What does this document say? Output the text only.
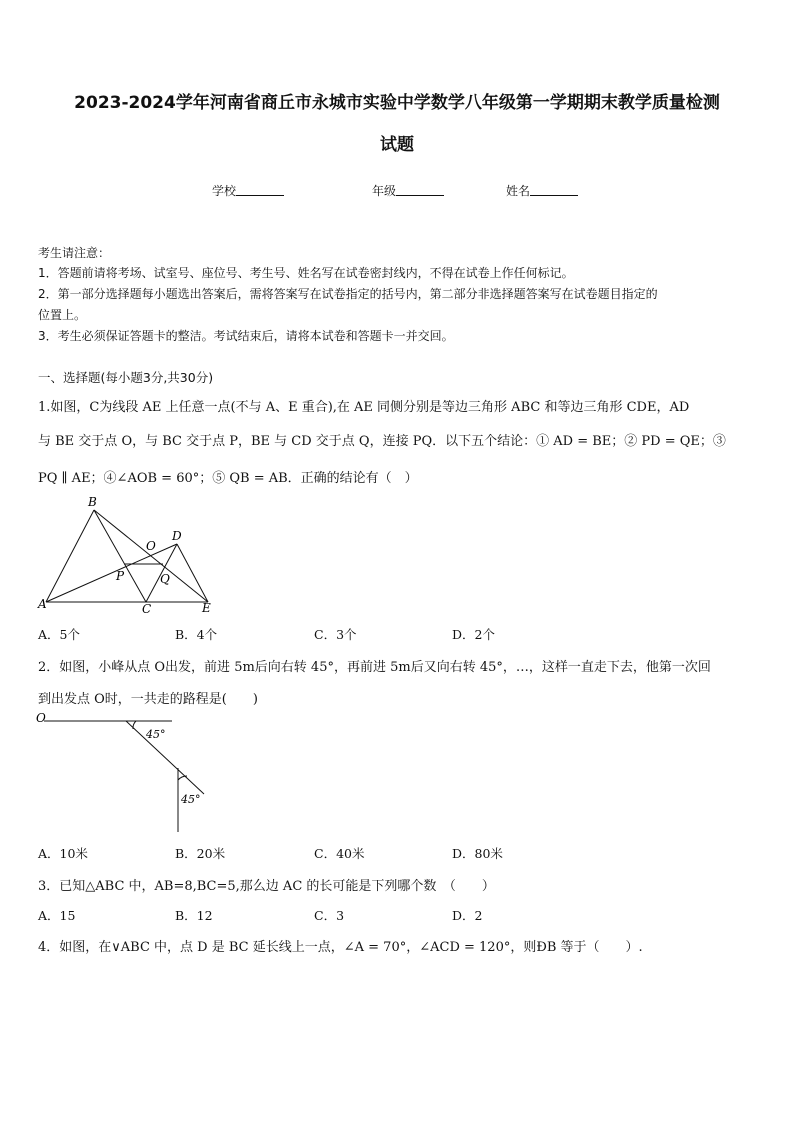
2023-2024学年河南省商丘市永城市实验中学数学八年级第一学期期末教学质量检测
试题
学校	年级	姓名
考生请注意：
1．答题前请将考场、试室号、座位号、考生号、姓名写在试卷密封线内，不得在试卷上作任何标记。
2．第一部分选择题每小题选出答案后，需将答案写在试卷指定的括号内，第二部分非选择题答案写在试卷题目指定的
位置上。
3．考生必须保证答题卡的整洁。考试结束后，请将本试卷和答题卡一并交回。
一、选择题(每小题3分,共30分)
1.如图，C为线段 AE 上任意一点(不与 A、E 重合),在 AE 同侧分别是等边三角形 ABC 和等边三角形 CDE，AD
与 BE 交于点 O，与 BC 交于点 P，BE 与 CD 交于点 Q，连接 PQ．以下五个结论：① AD = BE；② PD = QE；③
PQ ∥ AE；④∠AOB = 60°；⑤ QB = AB．正确的结论有（　）
B
D
O
P	Q
A	C	E
A．5个	B．4个	C．3个	D．2个
2．如图，小峰从点 O出发，前进 5m后向右转 45°，再前进 5m后又向右转 45°，…，这样一直走下去，他第一次回
到出发点 O时，一共走的路程是(　　)
O
45°
45°
A．10米	B．20米	C．40米	D．80米
3．已知△ABC 中，AB=8,BC=5,那么边 AC 的长可能是下列哪个数　（　　）
A．15	B．12	C．3	D．2
4．如图，在∨ABC 中，点 D 是 BC 延长线上一点，∠A = 70°，∠ACD = 120°，则ÐB 等于（　　）.
